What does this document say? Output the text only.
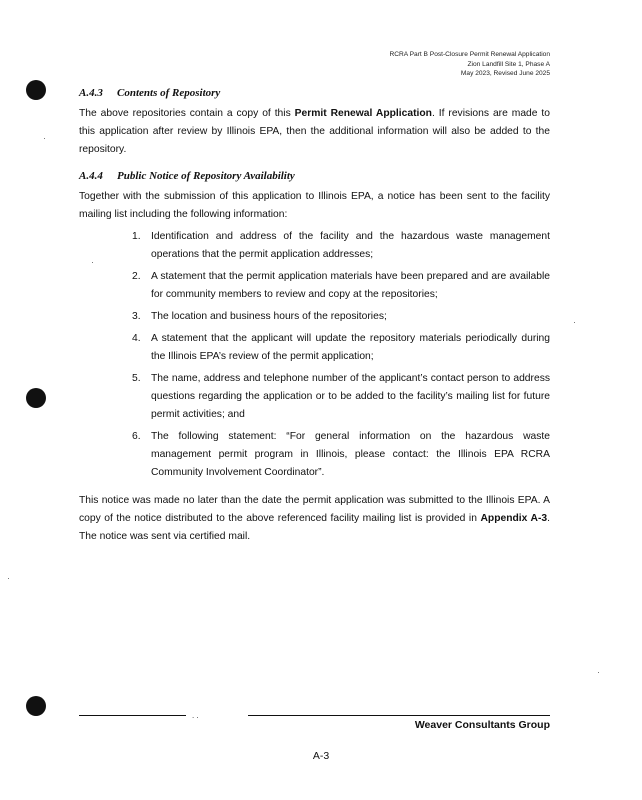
RCRA Part B Post-Closure Permit Renewal Application
Zion Landfill Site 1, Phase A
May 2023, Revised June 2025
A.4.3 Contents of Repository

The above repositories contain a copy of this Permit Renewal Application. If revisions are made to this application after review by Illinois EPA, then the additional information will also be added to the repository.

A.4.4 Public Notice of Repository Availability

Together with the submission of this application to Illinois EPA, a notice has been sent to the facility mailing list including the following information:

1. Identification and address of the facility and the hazardous waste management operations that the permit application addresses;
2. A statement that the permit application materials have been prepared and are available for community members to review and copy at the repositories;
3. The location and business hours of the repositories;
4. A statement that the applicant will update the repository materials periodically during the Illinois EPA’s review of the permit application;
5. The name, address and telephone number of the applicant’s contact person to address questions regarding the application or to be added to the facility’s mailing list for future permit activities; and
6. The following statement: “For general information on the hazardous waste management permit program in Illinois, please contact: the Illinois EPA RCRA Community Involvement Coordinator”.

This notice was made no later than the date the permit application was submitted to the Illinois EPA. A copy of the notice distributed to the above referenced facility mailing list is provided in Appendix A-3. The notice was sent via certified mail.

. .
Weaver Consultants Group
A-3
